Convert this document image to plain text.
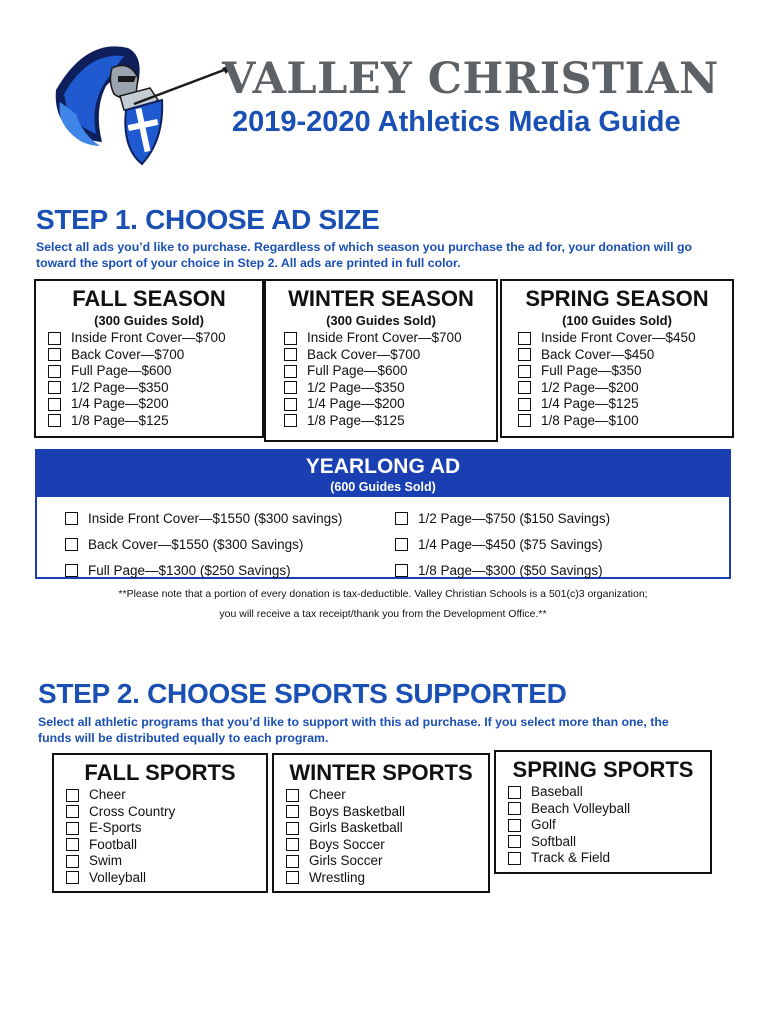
VALLEY CHRISTIAN
2019-2020 Athletics Media Guide
STEP 1. CHOOSE AD SIZE
Select all ads you’d like to purchase. Regardless of which season you purchase the ad for, your donation will go
toward the sport of your choice in Step 2. All ads are printed in full color.
FALL SEASON
(300 Guides Sold)
Inside Front Cover—$700
Back Cover—$700
Full Page—$600
1/2 Page—$350
1/4 Page—$200
1/8 Page—$125
WINTER SEASON
(300 Guides Sold)
Inside Front Cover—$700
Back Cover—$700
Full Page—$600
1/2 Page—$350
1/4 Page—$200
1/8 Page—$125
SPRING SEASON
(100 Guides Sold)
Inside Front Cover—$450
Back Cover—$450
Full Page—$350
1/2 Page—$200
1/4 Page—$125
1/8 Page—$100
YEARLONG AD
(600 Guides Sold)
Inside Front Cover—$1550 ($300 savings)
Back Cover—$1550 ($300 Savings)
Full Page—$1300 ($250 Savings)
1/2 Page—$750 ($150 Savings)
1/4 Page—$450 ($75 Savings)
1/8 Page—$300 ($50 Savings)
**Please note that a portion of every donation is tax-deductible. Valley Christian Schools is a 501(c)3 organization;
you will receive a tax receipt/thank you from the Development Office.**
STEP 2. CHOOSE SPORTS SUPPORTED
Select all athletic programs that you’d like to support with this ad purchase. If you select more than one, the
funds will be distributed equally to each program.
FALL SPORTS
Cheer
Cross Country
E-Sports
Football
Swim
Volleyball
WINTER SPORTS
Cheer
Boys Basketball
Girls Basketball
Boys Soccer
Girls Soccer
Wrestling
SPRING SPORTS
Baseball
Beach Volleyball
Golf
Softball
Track & Field
